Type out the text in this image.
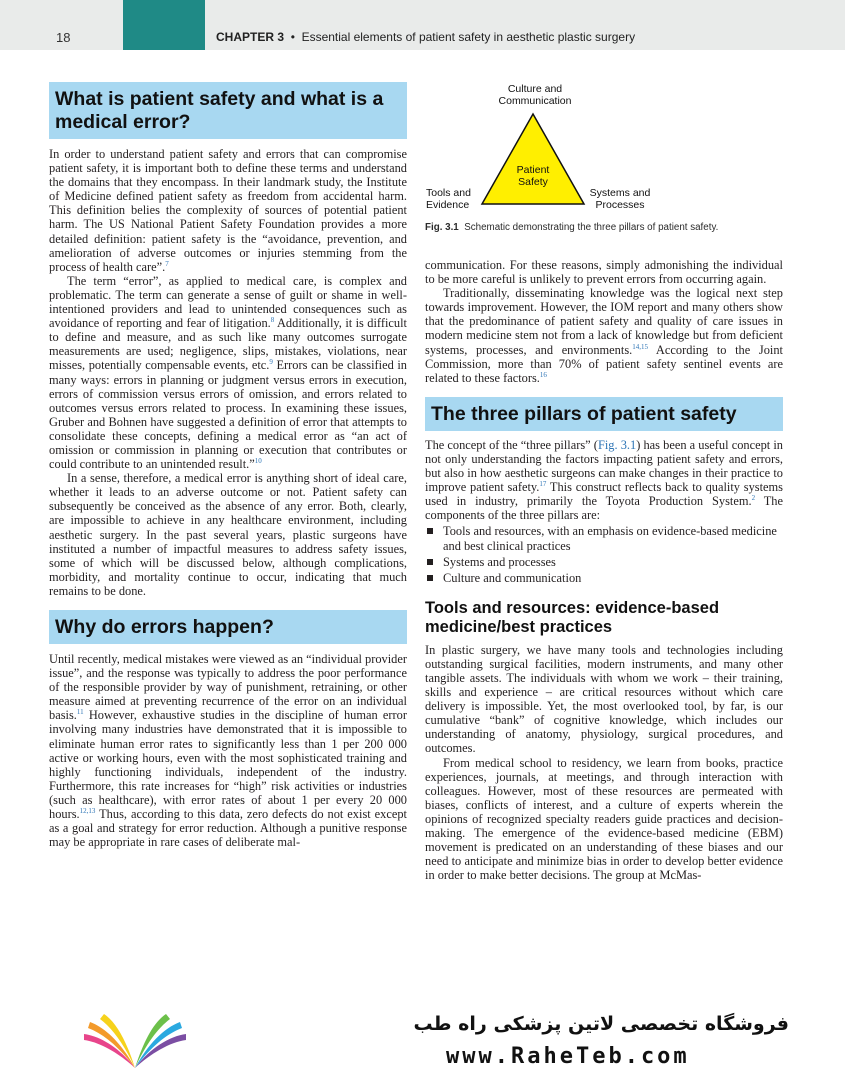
18	CHAPTER 3 • Essential elements of patient safety in aesthetic plastic surgery
What is patient safety and what is a
medical error?

In order to understand patient safety and errors that can compromise patient safety, it is important both to define these terms and understand the domains that they encompass. In their landmark study, the Institute of Medicine defined patient safety as freedom from accidental harm. This definition belies the complexity of sources of potential patient harm. The US National Patient Safety Foundation provides a more detailed definition: patient safety is the “avoidance, prevention, and amelioration of adverse outcomes or injuries stemming from the process of health care”.$^7$

The term “error”, as applied to medical care, is complex and problematic. The term can generate a sense of guilt or shame in well-intentioned providers and lead to unintended consequences such as avoidance of reporting and fear of litigation.$^8$ Additionally, it is difficult to define and measure, and as such like many outcomes surrogate measurements are used; negligence, slips, mistakes, violations, near misses, potentially compensable events, etc.$^9$ Errors can be classified in many ways: errors in planning or judgment versus errors in execution, errors of commission versus errors of omission, and errors related to outcomes versus errors related to process. In examining these issues, Gruber and Bohnen have suggested a definition of error that attempts to consolidate these concepts, defining a medical error as “an act of omission or commission in planning or execution that contributes or could contribute to an unintended result.”$^{10}$

In a sense, therefore, a medical error is anything short of ideal care, whether it leads to an adverse outcome or not. Patient safety can subsequently be conceived as the absence of any error. Both, clearly, are impossible to achieve in any healthcare environment, including aesthetic surgery. In the past several years, plastic surgeons have instituted a number of impactful measures to address safety issues, some of which will be discussed below, although complications, morbidity, and mortality continue to occur, indicating that much remains to be done.

Why do errors happen?

Until recently, medical mistakes were viewed as an “individual provider issue”, and the response was typically to address the poor performance of the responsible provider by way of punishment, retraining, or other measure aimed at preventing recurrence of the error on an individual basis.$^{11}$ However, exhaustive studies in the discipline of human error involving many industries have demonstrated that it is impossible to eliminate human error rates to significantly less than 1 per 200 000 active or working hours, even with the most sophisticated training and highly functioning individuals, independent of the industry. Furthermore, this rate increases for “high” risk activities or industries (such as healthcare), with error rates of about 1 per every 20 000 hours.$^{12,13}$ Thus, according to this data, zero defects do not exist except as a goal and strategy for error reduction. Although a punitive response may be appropriate in rare cases of deliberate mal-

Culture and
Communication
Patient
Safety
Tools and
Evidence
Systems and
Processes
Fig. 3.1 Schematic demonstrating the three pillars of patient safety.

communication. For these reasons, simply admonishing the individual to be more careful is unlikely to prevent errors from occurring again.

Traditionally, disseminating knowledge was the logical next step towards improvement. However, the IOM report and many others show that the predominance of patient safety and quality of care issues in modern medicine stem not from a lack of knowledge but from deficient systems, processes, and environments.$^{14,15}$ According to the Joint Commission, more than 70% of patient safety sentinel events are related to these factors.$^{16}$

The three pillars of patient safety

The concept of the “three pillars” (Fig. 3.1) has been a useful concept in not only understanding the factors impacting patient safety and errors, but also in how aesthetic surgeons can make changes in their practice to improve patient safety.$^{17}$ This construct reflects back to quality systems used in industry, primarily the Toyota Production System.$^2$ The components of the three pillars are:

Tools and resources, with an emphasis on evidence-based medicine and best clinical practices
Systems and processes
Culture and communication
Tools and resources: evidence-based
medicine/best practices

In plastic surgery, we have many tools and technologies including outstanding surgical facilities, modern instruments, and many other tangible assets. The individuals with whom we work – their training, skills and experience – are critical resources without which care delivery is impossible. Yet, the most overlooked tool, by far, is our cumulative “bank” of cognitive knowledge, which includes our understanding of anatomy, physiology, surgical procedures, and outcomes.

From medical school to residency, we learn from books, practice experiences, journals, at meetings, and through interaction with colleagues. However, most of these resources are permeated with biases, conflicts of interest, and a culture of experts wherein the opinions of recognized specialty readers guide practices and decision-making. The emergence of the evidence-based medicine (EBM) movement is predicated on an understanding of these biases and our need to anticipate and minimize bias in order to develop better evidence in order to make better decisions. The group at McMas-

فروشگاه تخصصی لاتین پزشکی راه طب
www.RaheTeb.com
